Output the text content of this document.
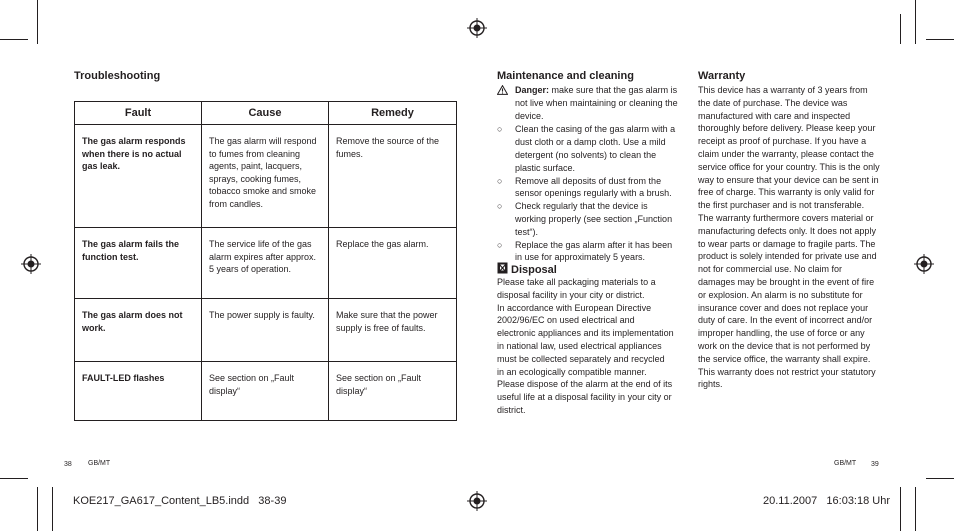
Troubleshooting
Fault	Cause	Remedy
The gas alarm responds when there is no actual gas leak.	The gas alarm will respond to fumes from cleaning agents, paint, lacquers, sprays, cooking fumes, tobacco smoke and smoke from candles.	Remove the source of the fumes.
The gas alarm fails the function test.	The service life of the gas alarm expires after approx. 5 years of operation.	Replace the gas alarm.
The gas alarm does not work.	The power supply is faulty.	Make sure that the power supply is free of faults.
FAULT-LED flashes	See section on „Fault display“	See section on „Fault display“
38 GB/MT
Maintenance and cleaning
Danger: make sure that the gas alarm is not live when maintaining or cleaning the device.
○	Clean the casing of the gas alarm with a dust cloth or a damp cloth. Use a mild detergent (no solvents) to clean the plastic surface.
○	Remove all deposits of dust from the sensor openings regularly with a brush.
○	Check regularly that the device is working properly (see section „Function test“).
○	Replace the gas alarm after it has been in use for approximately 5 years.
Disposal
Please take all packaging materials to a disposal facility in your city or district.
In accordance with European Directive 2002/96/EC on used electrical and electronic appliances and its implementation in national law, used electrical appliances must be collected separately and recycled in an ecologically compatible manner.
Please dispose of the alarm at the end of its useful life at a disposal facility in your city or district.
Warranty
This device has a warranty of 3 years from the date of purchase. The device was manufactured with care and inspected thoroughly before delivery. Please keep your receipt as proof of purchase. If you have a claim under the warranty, please contact the service office for your country. This is the only way to ensure that your device can be sent in free of charge. This warranty is only valid for the first purchaser and is not transferable. The warranty furthermore covers material or manufacturing defects only. It does not apply to wear parts or damage to fragile parts. The product is solely intended for private use and not for commercial use. No claim for damages may be brought in the event of fire or explosion. An alarm is no substitute for insurance cover and does not replace your duty of care. In the event of incorrect and/or improper handling, the use of force or any work on the device that is not performed by the service office, the warranty shall expire. This warranty does not restrict your statutory rights.
GB/MT 39
KOE217_GA617_Content_LB5.indd   38-39	20.11.2007   16:03:18 Uhr
